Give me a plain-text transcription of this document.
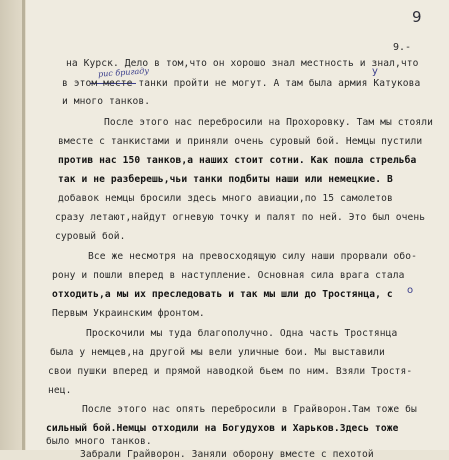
9
9.-
рис бригаду	у
о
на Курск. Дело в том,что он хорошо знал местность и знал,что
в этом месте танки пройти не могут. А там была армия Катукова
и много танков.
После этого нас перебросили на Прохоровку. Там мы стояли
вместе с танкистами и приняли очень суровый бой. Немцы пустили
против нас 150 танков,а наших стоит сотни. Как пошла стрельба
так и не разберешь,чьи танки подбиты наши или немецкие. В
добавок немцы бросили здесь много авиации,по 15 самолетов
сразу летают,найдут огневую точку и палят по ней. Это был очень
суровый бой.
Все же несмотря на превосходящую силу наши прорвали обо-
рону и пошли вперед в наступление. Основная сила врага стала
отходить,а мы их преследовать и так мы шли до Тростянца, с
Первым Украинским фронтом.
Проскочили мы туда благополучно. Одна часть Тростянца
была у немцев,на другой мы вели уличные бои. Мы выставили
свои пушки вперед и прямой наводкой бьем по ним. Взяли Тростя-
нец.
После этого нас опять перебросили в Грайворон.Там тоже бы
сильный бой.Немцы отходили на Богудухов и Харьков.Здесь тоже
было много танков.
Забрали Грайворон. Заняли оборону вместе с пехотой
